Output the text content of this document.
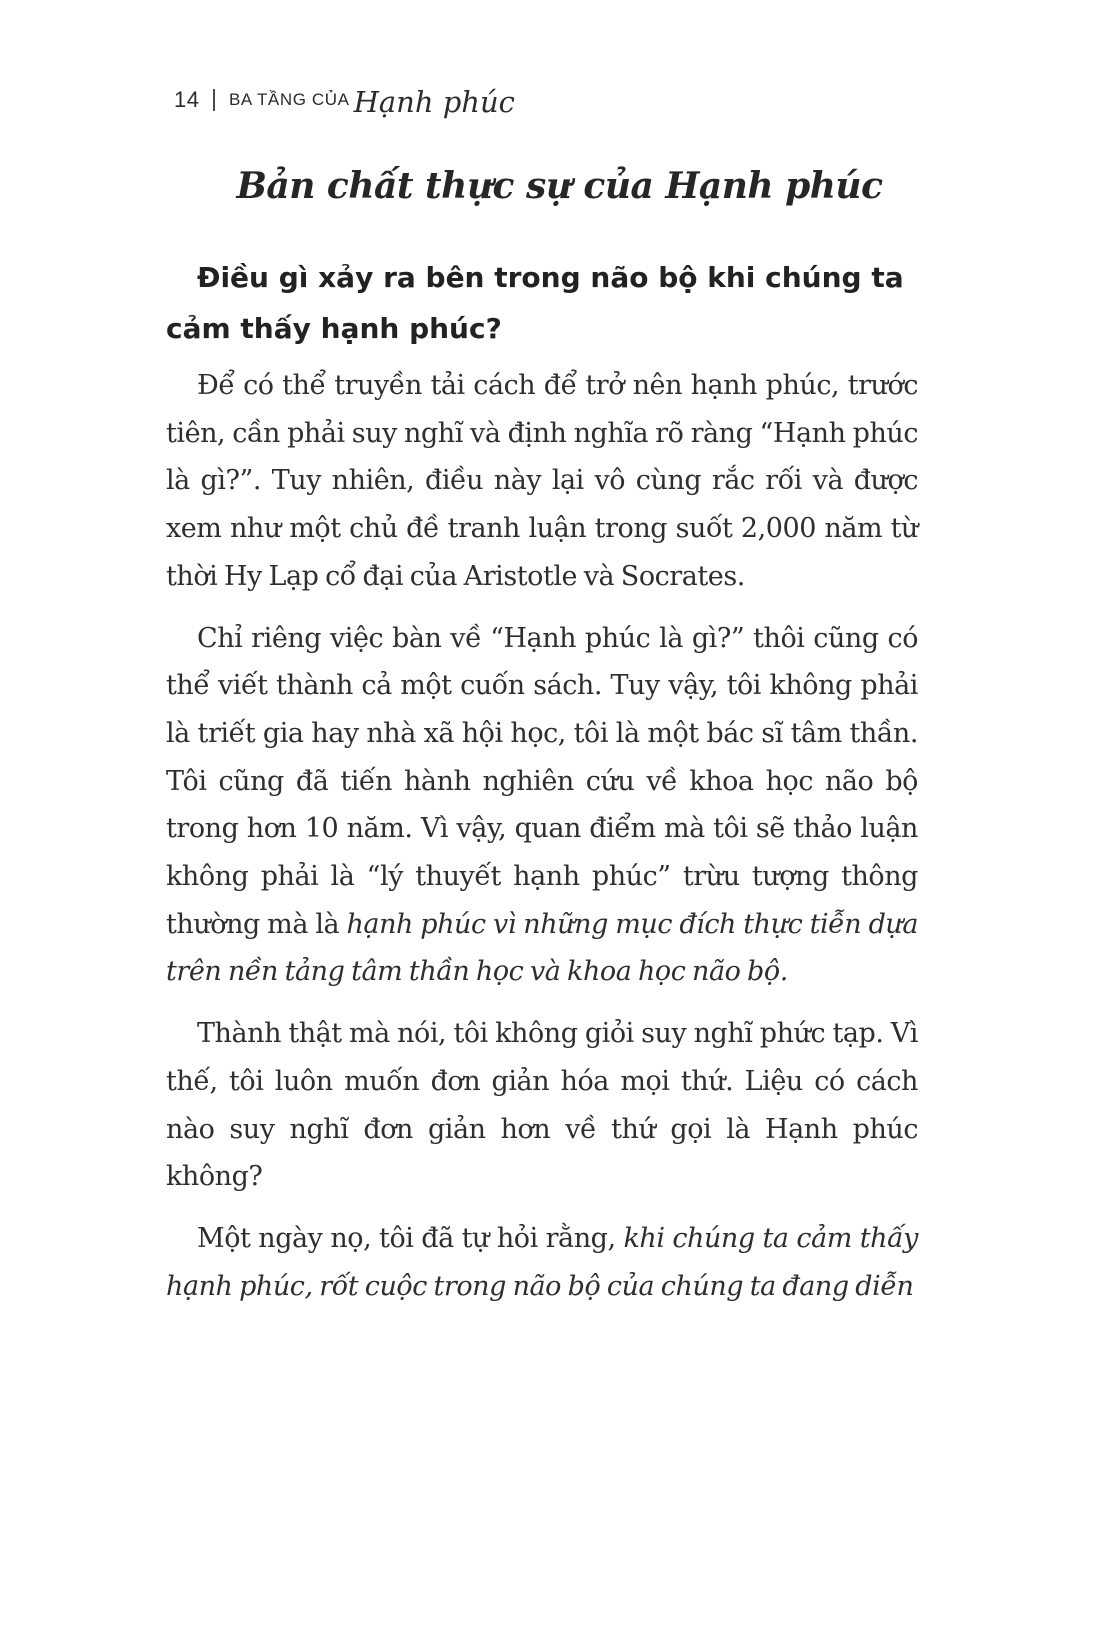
14 BA TẦNG CỦA Hạnh phúc
Bản chất thực sự của Hạnh phúc
Điều gì xảy ra bên trong não bộ khi chúng ta cảm thấy hạnh phúc?

Để có thể truyền tải cách để trở nên hạnh phúc, trước tiên, cần phải suy nghĩ và định nghĩa rõ ràng “Hạnh phúc là gì?”. Tuy nhiên, điều này lại vô cùng rắc rối và được xem như một chủ đề tranh luận trong suốt 2,000 năm từ thời Hy Lạp cổ đại của Aristotle và Socrates.

Chỉ riêng việc bàn về “Hạnh phúc là gì?” thôi cũng có thể viết thành cả một cuốn sách. Tuy vậy, tôi không phải là triết gia hay nhà xã hội học, tôi là một bác sĩ tâm thần. Tôi cũng đã tiến hành nghiên cứu về khoa học não bộ trong hơn 10 năm. Vì vậy, quan điểm mà tôi sẽ thảo luận không phải là “lý thuyết hạnh phúc” trừu tượng thông thường mà là hạnh phúc vì những mục đích thực tiễn dựa trên nền tảng tâm thần học và khoa học não bộ.

Thành thật mà nói, tôi không giỏi suy nghĩ phức tạp. Vì thế, tôi luôn muốn đơn giản hóa mọi thứ. Liệu có cách nào suy nghĩ đơn giản hơn về thứ gọi là Hạnh phúc không?

Một ngày nọ, tôi đã tự hỏi rằng, khi chúng ta cảm thấy hạnh phúc, rốt cuộc trong não bộ của chúng ta đang diễn
